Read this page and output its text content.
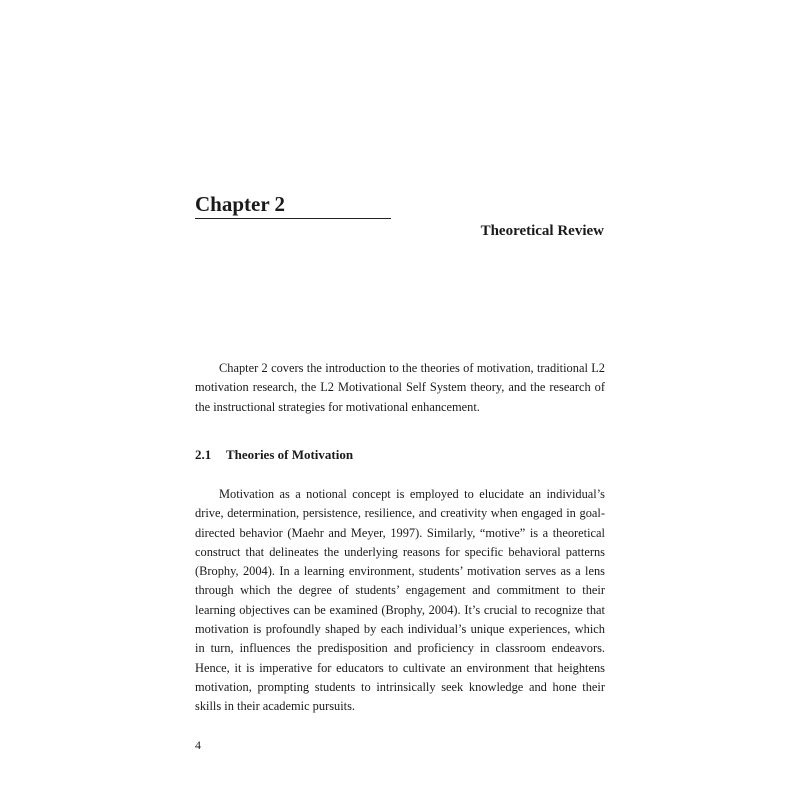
Chapter 2
Theoretical Review

Chapter 2 covers the introduction to the theories of motivation, traditional L2 motivation research, the L2 Motivational Self System theory, and the research of the instructional strategies for motivational enhancement.

2.1 Theories of Motivation

Motivation as a notional concept is employed to elucidate an individual’s drive, determination, persistence, resilience, and creativity when engaged in goal-directed behavior (Maehr and Meyer, 1997). Similarly, “motive” is a theoretical construct that delineates the underlying reasons for specific behavioral patterns (Brophy, 2004). In a learning environment, students’ motivation serves as a lens through which the degree of students’ engagement and commitment to their learning objectives can be examined (Brophy, 2004). It’s crucial to recognize that motivation is profoundly shaped by each individual’s unique experiences, which in turn, influences the predisposition and proficiency in classroom endeavors. Hence, it is imperative for educators to cultivate an environment that heightens motivation, prompting students to intrinsically seek knowledge and hone their skills in their academic pursuits.

4
